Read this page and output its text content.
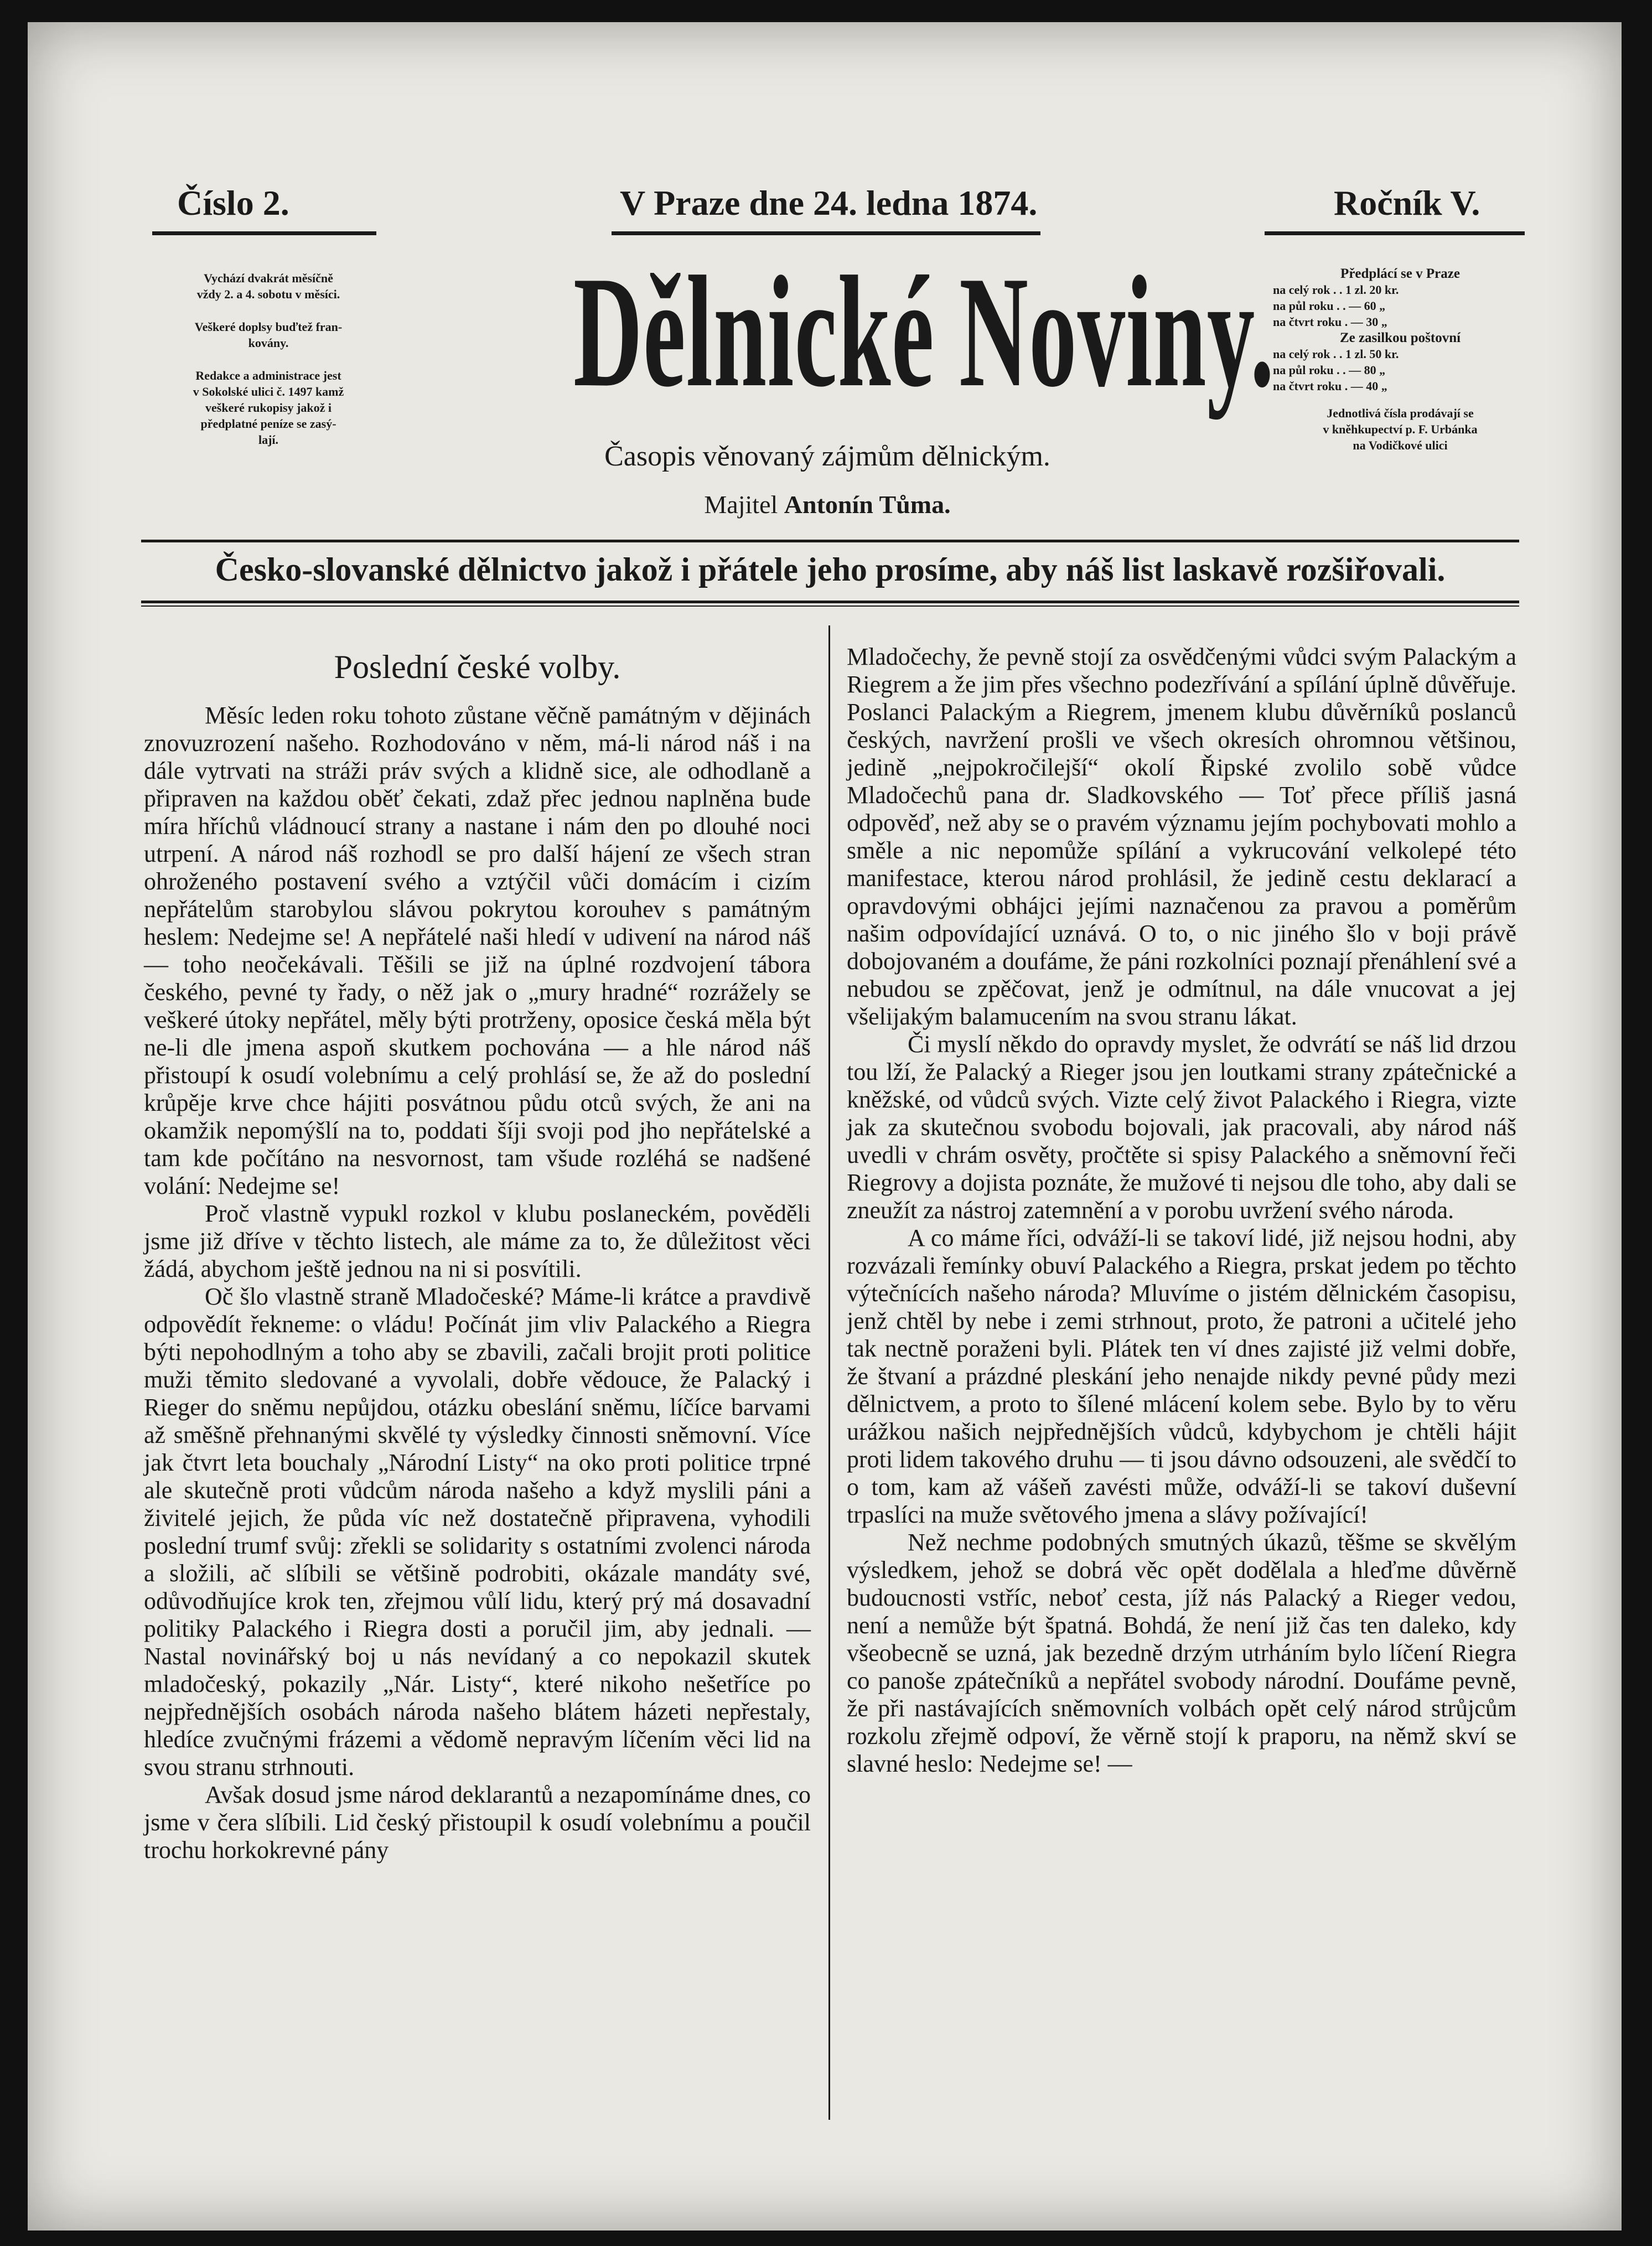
Číslo 2.	V Praze dne 24. ledna 1874.	Ročník V.

Vychází dvakrát měsíčně

vždy 2. a 4. sobotu v měsíci.

Veškeré doplsy buďtež fran-

kovány.

Redakce a administrace jest

v Sokolské ulici č. 1497 kamž

veškeré rukopisy jakož i

předplatné peníze se zasý-

lají.

Dělnické Noviny.
Časopis věnovaný zájmům dělnickým.
Majitel Antonín Tůma.

Předplácí se v Praze

na celý rok . . 1 zl. 20 kr.

na půl roku . . — 60 „

na čtvrt roku . — 30 „

Ze zasilkou poštovní

na celý rok . . 1 zl. 50 kr.

na půl roku . . — 80 „

na čtvrt roku . — 40 „

Jednotlivá čísla prodávají se

v kněhkupectví p. F. Urbánka

na Vodičkové ulici

Česko-slovanské dělnictvo jakož i přátele jeho prosíme, aby náš list laskavě rozšiřovali.
Poslední české volby.

Měsíc leden roku tohoto zůstane věčně památným v dějinách znovuzrození našeho. Rozhodováno v něm, má-li národ náš i na dále vytrvati na stráži práv svých a klidně sice, ale odhodlaně a připraven na každou oběť čekati, zdaž přec jednou naplněna bude míra hříchů vládnoucí strany a nastane i nám den po dlouhé noci utrpení. A národ náš rozhodl se pro další hájení ze všech stran ohroženého postavení svého a vztýčil vůči domácím i cizím nepřátelům starobylou slávou pokrytou korouhev s památným heslem: Nedejme se! A nepřátelé naši hledí v udivení na národ náš — toho neočekávali. Těšili se již na úplné rozdvojení tábora českého, pevné ty řady, o něž jak o „mury hradné“ rozrážely se veškeré útoky nepřátel, měly býti protrženy, oposice česká měla být ne-li dle jmena aspoň skutkem pochována — a hle národ náš přistoupí k osudí volebnímu a celý prohlásí se, že až do poslední krůpěje krve chce hájiti posvátnou půdu otců svých, že ani na okamžik nepomýšlí na to, poddati šíji svoji pod jho nepřátelské a tam kde počítáno na nesvornost, tam všude rozléhá se nadšené volání: Nedejme se!

Proč vlastně vypukl rozkol v klubu poslaneckém, pověděli jsme již dříve v těchto listech, ale máme za to, že důležitost věci žádá, abychom ještě jednou na ni si posvítili.

Oč šlo vlastně straně Mladočeské? Máme-li krátce a pravdivě odpovědít řekneme: o vládu! Počínát jim vliv Palackého a Riegra býti nepohodlným a toho aby se zbavili, začali brojit proti politice muži těmito sledované a vyvolali, dobře vědouce, že Palacký i Rieger do sněmu nepůjdou, otázku obeslání sněmu, líčíce barvami až směšně přehnanými skvělé ty výsledky činnosti sněmovní. Více jak čtvrt leta bouchaly „Národní Listy“ na oko proti politice trpné ale skutečně proti vůdcům národa našeho a když myslili páni a živitelé jejich, že půda víc než dostatečně připravena, vyhodili poslední trumf svůj: zřekli se solidarity s ostatními zvolenci národa a složili, ač slíbili se většině podrobiti, okázale mandáty své, odůvodňujíce krok ten, zřejmou vůlí lidu, který prý má dosavadní politiky Palackého i Riegra dosti a poručil jim, aby jednali. — Nastal novinářský boj u nás nevídaný a co nepokazil skutek mladočeský, pokazily „Nár. Listy“, které nikoho nešetříce po nejpřednějších osobách národa našeho blátem házeti nepřestaly, hledíce zvučnými frázemi a vědomě nepravým líčením věci lid na svou stranu strhnouti.

Avšak dosud jsme národ deklarantů a nezapomínáme dnes, co jsme v čera slíbili. Lid český přistoupil k osudí volebnímu a poučil trochu horkokrevné pány

Mladočechy, že pevně stojí za osvědčenými vůdci svým Palackým a Riegrem a že jim přes všechno podezřívání a spílání úplně důvěřuje. Poslanci Palackým a Riegrem, jmenem klubu důvěrníků poslanců českých, navržení prošli ve všech okresích ohromnou většinou, jedině „nejpokročilejší“ okolí Řipské zvolilo sobě vůdce Mladočechů pana dr. Sladkovského — Toť přece příliš jasná odpověď, než aby se o pravém významu jejím pochybovati mohlo a směle a nic nepomůže spílání a vykrucování velkolepé této manifestace, kterou národ prohlásil, že jedině cestu deklarací a opravdovými obhájci jejími naznačenou za pravou a poměrům našim odpovídající uznává. O to, o nic jiného šlo v boji právě dobojovaném a doufáme, že páni rozkolníci poznají přenáhlení své a nebudou se zpěčovat, jenž je odmítnul, na dále vnucovat a jej všelijakým balamucením na svou stranu lákat.

Či myslí někdo do opravdy myslet, že odvrátí se náš lid drzou tou lží, že Palacký a Rieger jsou jen loutkami strany zpátečnické a kněžské, od vůdců svých. Vizte celý život Palackého i Riegra, vizte jak za skutečnou svobodu bojovali, jak pracovali, aby národ náš uvedli v chrám osvěty, pročtěte si spisy Palackého a sněmovní řeči Riegrovy a dojista poznáte, že mužové ti nejsou dle toho, aby dali se zneužít za nástroj zatemnění a v porobu uvržení svého národa.

A co máme říci, odváží-li se takoví lidé, již nejsou hodni, aby rozvázali řemínky obuví Palackého a Riegra, prskat jedem po těchto výtečnících našeho národa? Mluvíme o jistém dělnickém časopisu, jenž chtěl by nebe i zemi strhnout, proto, že patroni a učitelé jeho tak nectně poraženi byli. Plátek ten ví dnes zajisté již velmi dobře, že štvaní a prázdné pleskání jeho nenajde nikdy pevné půdy mezi dělnictvem, a proto to šílené mlácení kolem sebe. Bylo by to věru urážkou našich nejpřednějších vůdců, kdybychom je chtěli hájit proti lidem takového druhu — ti jsou dávno odsouzeni, ale svědčí to o tom, kam až vášeň zavésti může, odváží-li se takoví duševní trpaslíci na muže světového jmena a slávy požívající!

Než nechme podobných smutných úkazů, těšme se skvělým výsledkem, jehož se dobrá věc opět dodělala a hleďme důvěrně budoucnosti vstříc, neboť cesta, jíž nás Palacký a Rieger vedou, není a nemůže být špatná. Bohdá, že není již čas ten daleko, kdy všeobecně se uzná, jak bezedně drzým utrháním bylo líčení Riegra co panoše zpátečníků a nepřátel svobody národní. Doufáme pevně, že při nastávajících sněmovních volbách opět celý národ strůjcům rozkolu zřejmě odpoví, že věrně stojí k praporu, na němž skví se slavné heslo: Nedejme se! —
